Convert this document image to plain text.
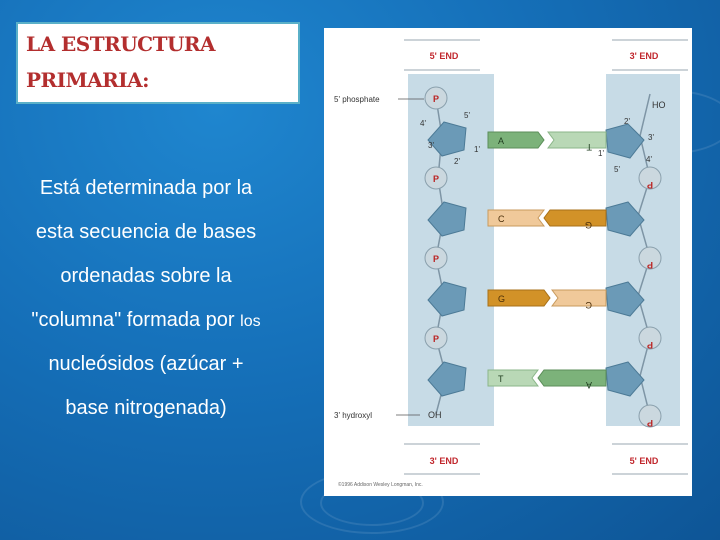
LA ESTRUCTURA
PRIMARIA:
Está determinada por la
esta secuencia de bases
ordenadas sobre la
"columna" formada por los
nucleósidos (azúcar +
base nitrogenada)
5' END	3' END
3' END	5' END
5' phosphate
3' hydroxyl	OH
HO
P
P
P
P
P
P
P
P
5'
4'
3'
2'
1'
2'
3'
1'
4'
5'
A
T
C
G
G
C
T
A
©1996 Addison Wesley Longman, Inc.
